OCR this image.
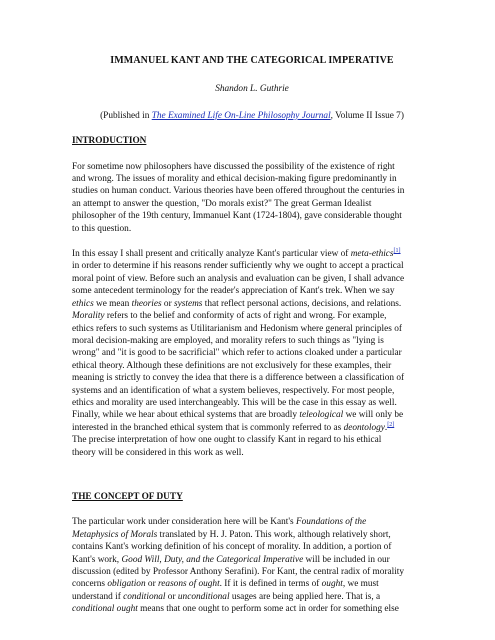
IMMANUEL KANT AND THE CATEGORICAL IMPERATIVE
Shandon L. Guthrie
(Published in The Examined Life On-Line Philosophy Journal, Volume II Issue 7)
INTRODUCTION

For sometime now philosophers have discussed the possibility of the existence of right
and wrong. The issues of morality and ethical decision-making figure predominantly in
studies on human conduct. Various theories have been offered throughout the centuries in
an attempt to answer the question, "Do morals exist?" The great German Idealist
philosopher of the 19th century, Immanuel Kant (1724-1804), gave considerable thought
to this question.

In this essay I shall present and critically analyze Kant's particular view of meta-ethics[1]
in order to determine if his reasons render sufficiently why we ought to accept a practical
moral point of view. Before such an analysis and evaluation can be given, I shall advance
some antecedent terminology for the reader's appreciation of Kant's trek. When we say
ethics we mean theories or systems that reflect personal actions, decisions, and relations.
Morality refers to the belief and conformity of acts of right and wrong. For example,
ethics refers to such systems as Utilitarianism and Hedonism where general principles of
moral decision-making are employed, and morality refers to such things as "lying is
wrong" and "it is good to be sacrificial" which refer to actions cloaked under a particular
ethical theory. Although these definitions are not exclusively for these examples, their
meaning is strictly to convey the idea that there is a difference between a classification of
systems and an identification of what a system believes, respectively. For most people,
ethics and morality are used interchangeably. This will be the case in this essay as well.
Finally, while we hear about ethical systems that are broadly teleological we will only be
interested in the branched ethical system that is commonly referred to as deontology.[2]
The precise interpretation of how one ought to classify Kant in regard to his ethical
theory will be considered in this work as well.

THE CONCEPT OF DUTY

The particular work under consideration here will be Kant's Foundations of the
Metaphysics of Morals translated by H. J. Paton. This work, although relatively short,
contains Kant's working definition of his concept of morality. In addition, a portion of
Kant's work, Good Will, Duty, and the Categorical Imperative will be included in our
discussion (edited by Professor Anthony Serafini). For Kant, the central radix of morality
concerns obligation or reasons of ought. If it is defined in terms of ought, we must
understand if conditional or unconditional usages are being applied here. That is, a
conditional ought means that one ought to perform some act in order for something else
